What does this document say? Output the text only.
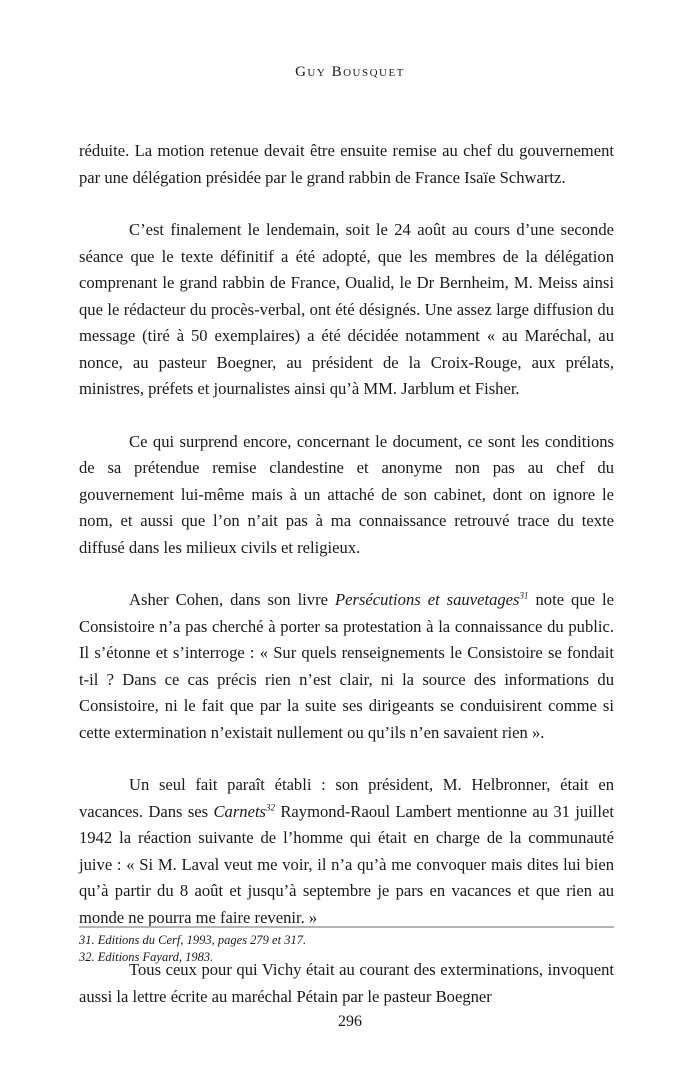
Guy Bousquet

réduite. La motion retenue devait être ensuite remise au chef du gouvernement par une délégation présidée par le grand rabbin de France Isaïe Schwartz.

C’est finalement le lendemain, soit le 24 août au cours d’une seconde séance que le texte définitif a été adopté, que les membres de la délégation comprenant le grand rabbin de France, Oualid, le Dr Bernheim, M. Meiss ainsi que le rédacteur du procès-verbal, ont été désignés. Une assez large diffusion du message (tiré à 50 exemplaires) a été décidée notamment « au Maréchal, au nonce, au pasteur Boegner, au président de la Croix-Rouge, aux prélats, ministres, préfets et journalistes ainsi qu’à MM. Jarblum et Fisher.

Ce qui surprend encore, concernant le document, ce sont les conditions de sa prétendue remise clandestine et anonyme non pas au chef du gouvernement lui-même mais à un attaché de son cabinet, dont on ignore le nom, et aussi que l’on n’ait pas à ma connaissance retrouvé trace du texte diffusé dans les milieux civils et religieux.

Asher Cohen, dans son livre Persécutions et sauvetages$^{31}$ note que le Consistoire n’a pas cherché à porter sa protestation à la connaissance du public. Il s’étonne et s’interroge : « Sur quels renseignements le Consistoire se fondait t-il ? Dans ce cas précis rien n’est clair, ni la source des informations du Consistoire, ni le fait que par la suite ses dirigeants se conduisirent comme si cette extermination n’existait nullement ou qu’ils n’en savaient rien ».

Un seul fait paraît établi : son président, M. Helbronner, était en vacances. Dans ses Carnets$^{32}$ Raymond-Raoul Lambert mentionne au 31 juillet 1942 la réaction suivante de l’homme qui était en charge de la communauté juive : « Si M. Laval veut me voir, il n’a qu’à me convoquer mais dites lui bien qu’à partir du 8 août et jusqu’à septembre je pars en vacances et que rien au monde ne pourra me faire revenir. »

Tous ceux pour qui Vichy était au courant des exterminations, invoquent aussi la lettre écrite au maréchal Pétain par le pasteur Boegner

31. Editions du Cerf, 1993, pages 279 et 317.
32. Editions Fayard, 1983.
296
